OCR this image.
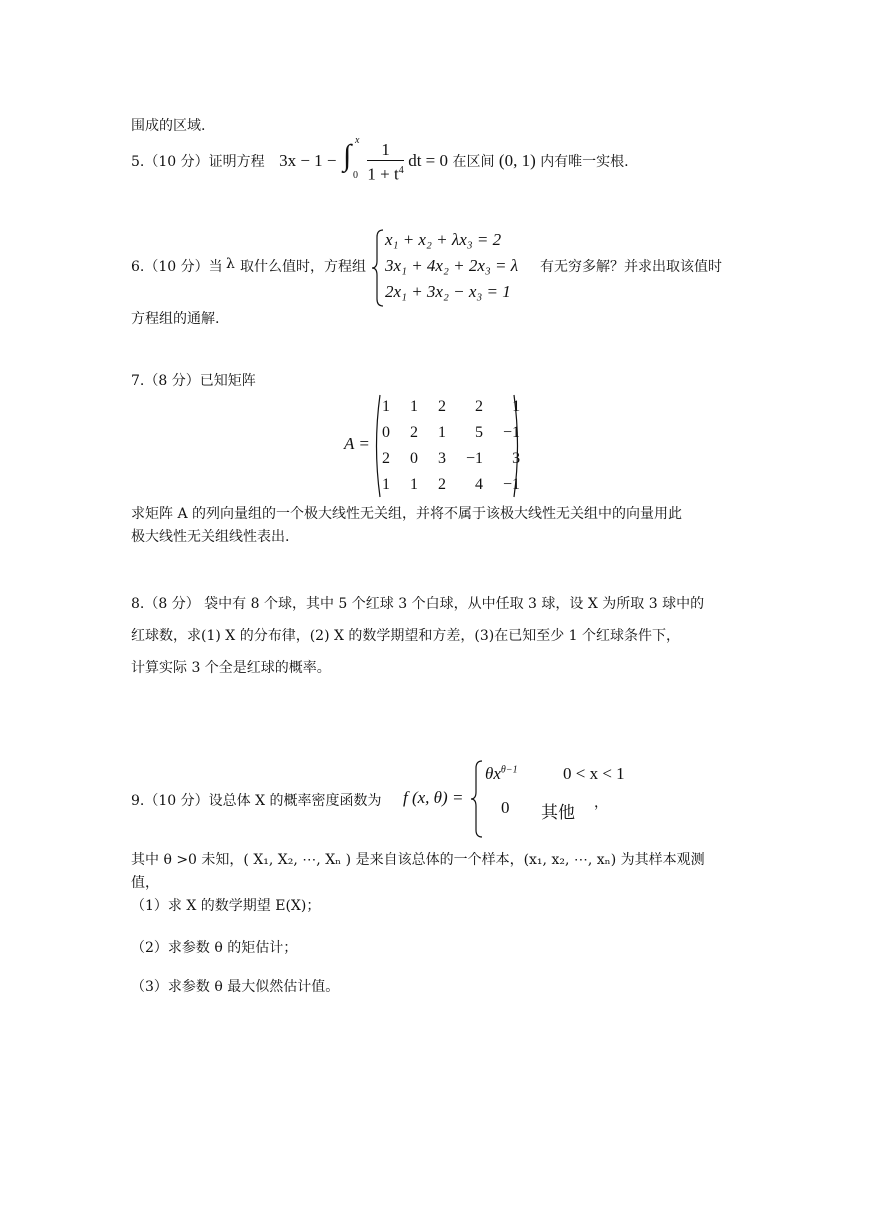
围成的区域.
5.（10 分）证明方程 3x − 1 − ∫ x
0
$\frac{1}{1 + t^4}$ dt = 0 在区间 (0, 1) 内有唯一实根.
6.（10 分）当 λ 取什么值时，方程组
x₁ + x₂ + λx₃ = 2
3x₁ + 4x₂ + 2x₃ = λ
2x₁ + 3x₂ − x₃ = 1
有无穷多解？并求出取该值时
方程组的通解.
7.（8 分）已知矩阵
A =
1	1	2	2	1
0	2	1	5	−1
2	0	3	−1	3
1	1	2	4	−1
求矩阵 A 的列向量组的一个极大线性无关组，并将不属于该极大线性无关组中的向量用此
极大线性无关组线性表出.
8.（8 分） 袋中有 8 个球，其中 5 个红球 3 个白球，从中任取 3 球，设 X 为所取 3 球中的
红球数，求(1) X 的分布律，(2) X 的数学期望和方差，(3)在已知至少 1 个红球条件下，
计算实际 3 个全是红球的概率。
9.（10 分）设总体 X 的概率密度函数为 f (x, θ) =
$\theta x^{\theta-1}$	0 < x < 1
0 其他 ，
其中 θ >0 未知，( X₁, X₂, ⋯, Xₙ ) 是来自该总体的一个样本，(x₁, x₂, ⋯, xₙ) 为其样本观测
值，
（1）求 X 的数学期望 E(X)；
（2）求参数 θ 的矩估计；
（3）求参数 θ 最大似然估计值。
